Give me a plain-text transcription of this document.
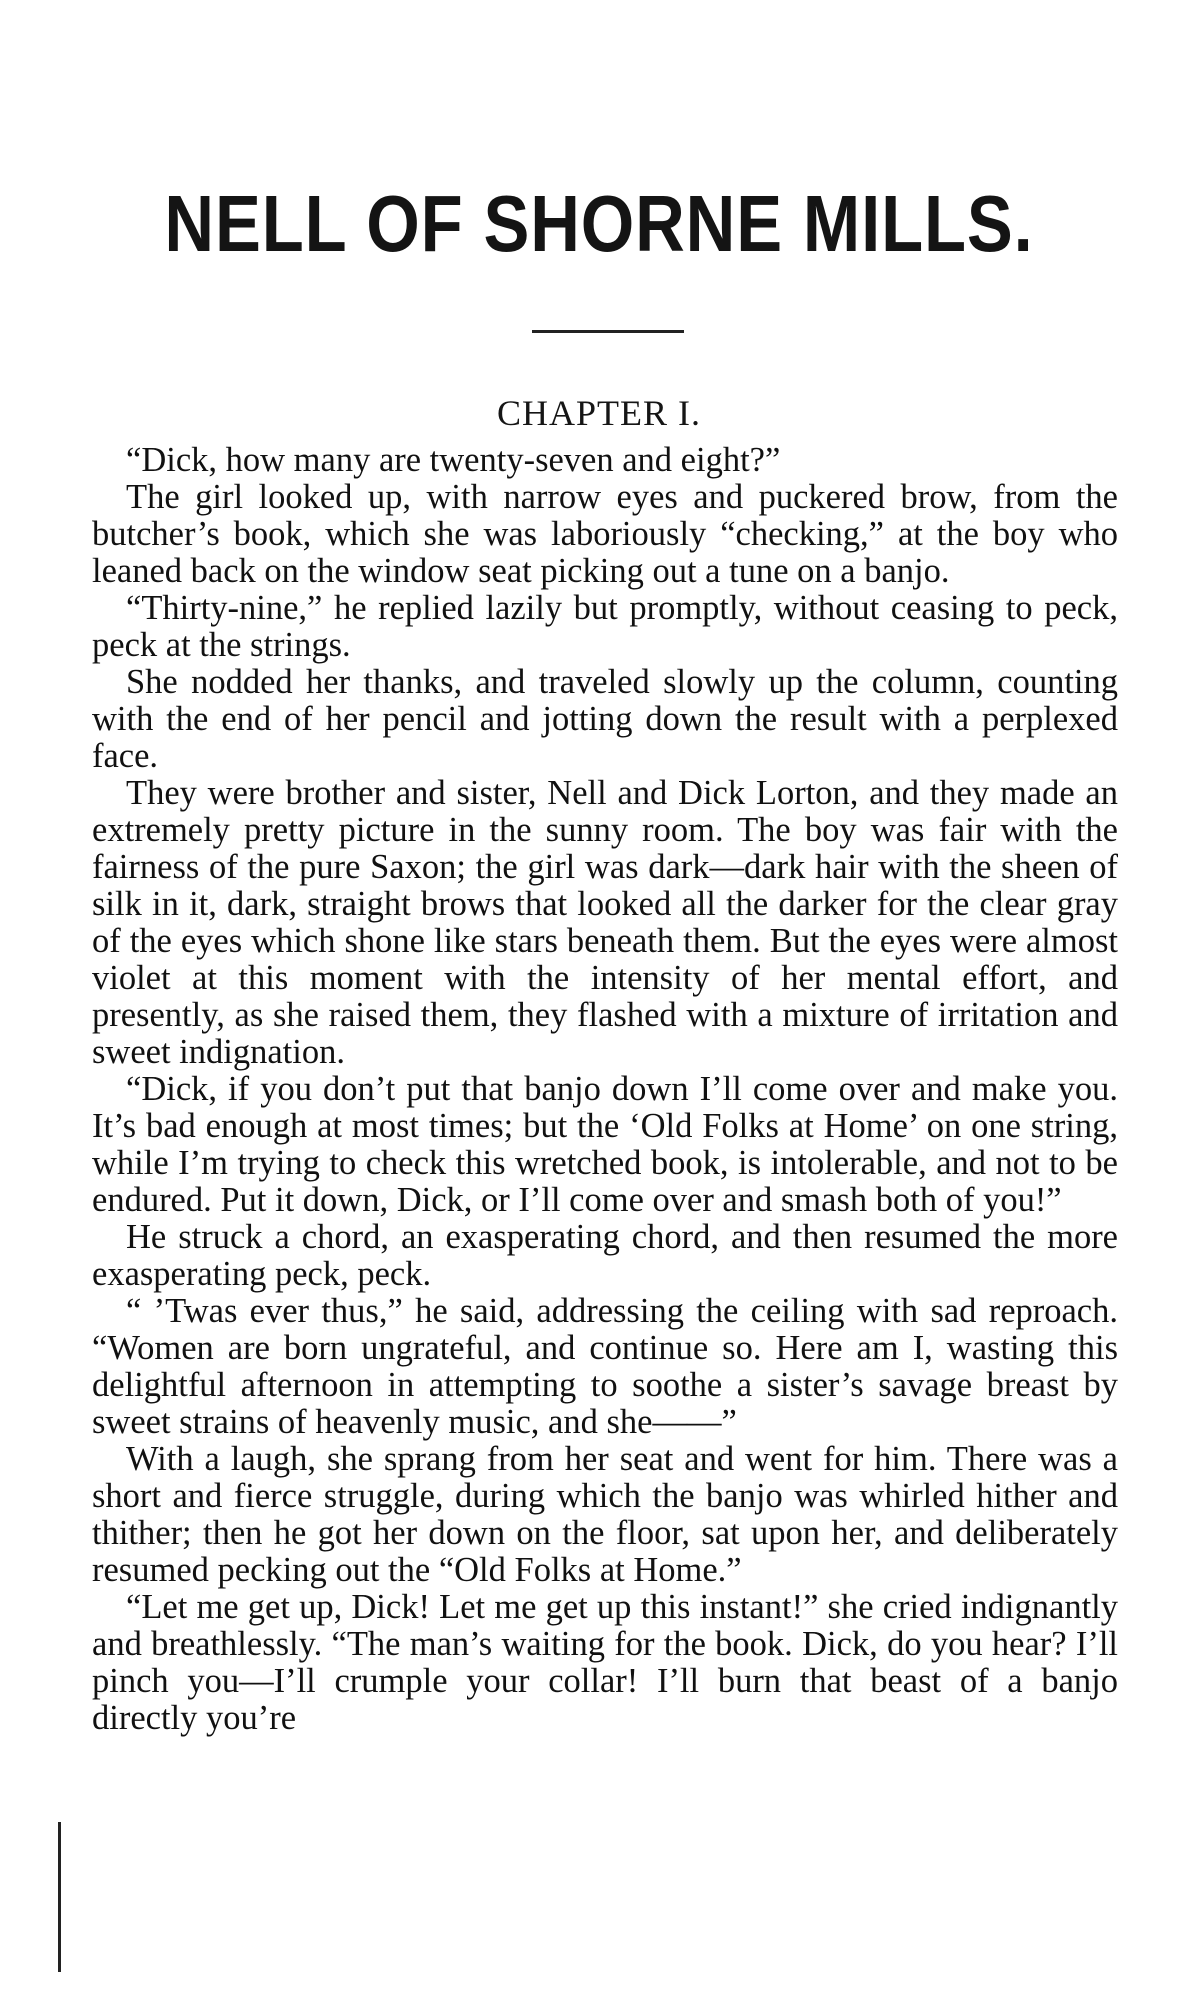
NELL OF SHORNE MILLS.
CHAPTER I.

“Dick, how many are twenty-seven and eight?”

The girl looked up, with narrow eyes and puckered brow, from the butcher’s book, which she was laboriously “checking,” at the boy who leaned back on the window seat picking out a tune on a banjo.

“Thirty-nine,” he replied lazily but promptly, without ceasing to peck, peck at the strings.

She nodded her thanks, and traveled slowly up the column, counting with the end of her pencil and jotting down the result with a perplexed face.

They were brother and sister, Nell and Dick Lorton, and they made an extremely pretty picture in the sunny room. The boy was fair with the fairness of the pure Saxon; the girl was dark—dark hair with the sheen of silk in it, dark, straight brows that looked all the darker for the clear gray of the eyes which shone like stars beneath them. But the eyes were almost violet at this moment with the intensity of her mental effort, and presently, as she raised them, they flashed with a mixture of irritation and sweet indignation.

“Dick, if you don’t put that banjo down I’ll come over and make you. It’s bad enough at most times; but the ‘Old Folks at Home’ on one string, while I’m trying to check this wretched book, is intolerable, and not to be endured. Put it down, Dick, or I’ll come over and smash both of you!”

He struck a chord, an exasperating chord, and then resumed the more exasperating peck, peck.

“ ’Twas ever thus,” he said, addressing the ceiling with sad reproach. “Women are born ungrateful, and continue so. Here am I, wasting this delightful afternoon in attempting to soothe a sister’s savage breast by sweet strains of heavenly music, and she——”

With a laugh, she sprang from her seat and went for him. There was a short and fierce struggle, during which the banjo was whirled hither and thither; then he got her down on the floor, sat upon her, and deliberately resumed pecking out the “Old Folks at Home.”

“Let me get up, Dick! Let me get up this instant!” she cried indignantly and breathlessly. “The man’s waiting for the book. Dick, do you hear? I’ll pinch you—I’ll crumple your collar! I’ll burn that beast of a banjo directly you’re
